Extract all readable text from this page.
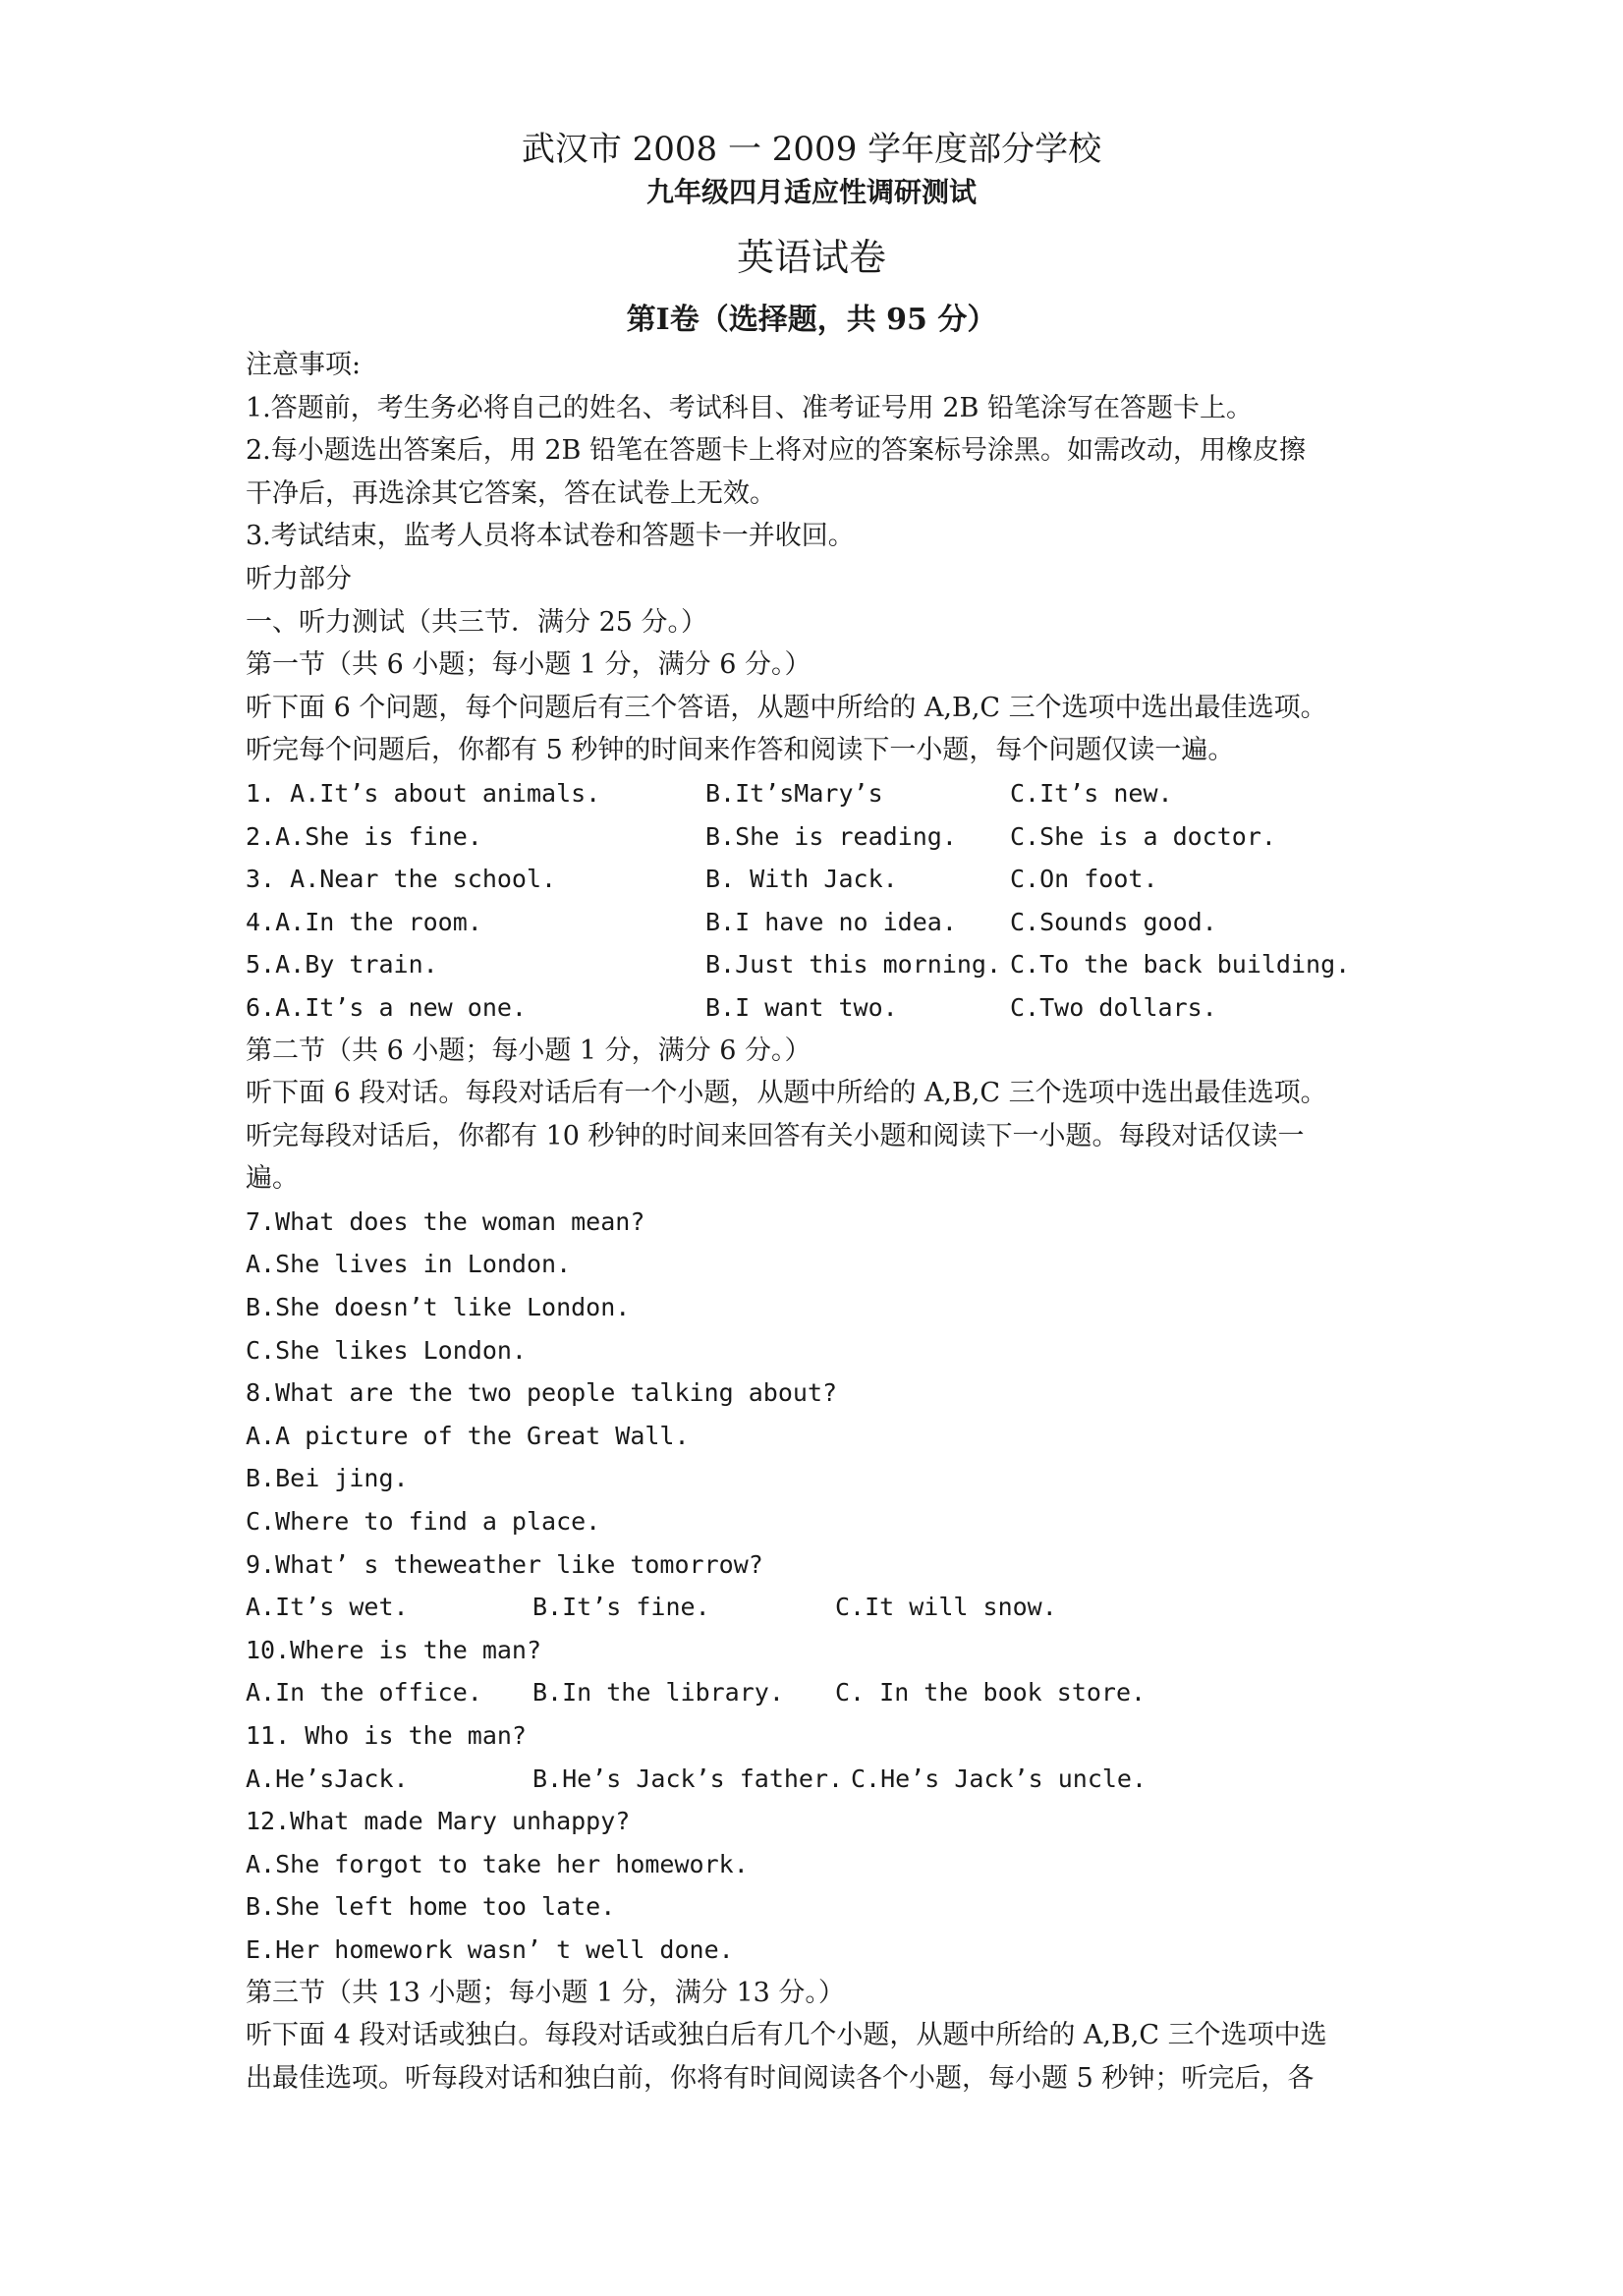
武汉市 2008 一 2009 学年度部分学校
九年级四月适应性调研测试
英语试卷
第Ⅰ卷（选择题，共 95 分）
注意事项:
1.答题前，考生务必将自己的姓名、考试科目、准考证号用 2B 铅笔涂写在答题卡上。
2.每小题选出答案后，用 2B 铅笔在答题卡上将对应的答案标号涂黑。如需改动，用橡皮擦
干净后，再选涂其它答案，答在试卷上无效。
3.考试结束，监考人员将本试卷和答题卡一并收回。
听力部分
一、听力测试（共三节．满分 25 分。）
第一节（共 6 小题；每小题 1 分，满分 6 分。）
听下面 6 个问题，每个问题后有三个答语，从题中所给的 A,B,C 三个选项中选出最佳选项。
听完每个问题后，你都有 5 秒钟的时间来作答和阅读下一小题，每个问题仅读一遍。
1. A.It’s about animals.	B.It’sMary’s	C.It’s new.
2.A.She is fine.	B.She is reading. C.She is a doctor.
3. A.Near the school.	B. With Jack.	C.On foot.
4.A.In the room.	B.I have no idea. C.Sounds good.
5.A.By train.	B.Just this morning. C.To the back building.
6.A.It’s a new one.	B.I want two.	C.Two dollars.
第二节（共 6 小题；每小题 1 分，满分 6 分。）
听下面 6 段对话。每段对话后有一个小题，从题中所给的 A,B,C 三个选项中选出最佳选项。
听完每段对话后，你都有 10 秒钟的时间来回答有关小题和阅读下一小题。每段对话仅读一
遍。
7.What does the woman mean?
A.She lives in London.
B.She doesn’t like London.
C.She likes London.
8.What are the two people talking about?
A.A picture of the Great Wall.
B.Bei jing.
C.Where to find a place.
9.What’ s theweather like tomorrow?
A.It’s wet.	B.It’s fine.	C.It will snow.
10.Where is the man?
A.In the office. B.In the library. C. In the book store.
11. Who is the man?
A.He’sJack.	B.He’s Jack’s father. C.He’s Jack’s uncle.
12.What made Mary unhappy?
A.She forgot to take her homework.
B.She left home too late.
E.Her homework wasn’ t well done.
第三节（共 13 小题；每小题 1 分，满分 13 分。）
听下面 4 段对话或独白。每段对话或独白后有几个小题，从题中所给的 A,B,C 三个选项中选
出最佳选项。听每段对话和独白前，你将有时间阅读各个小题，每小题 5 秒钟；听完后，各
